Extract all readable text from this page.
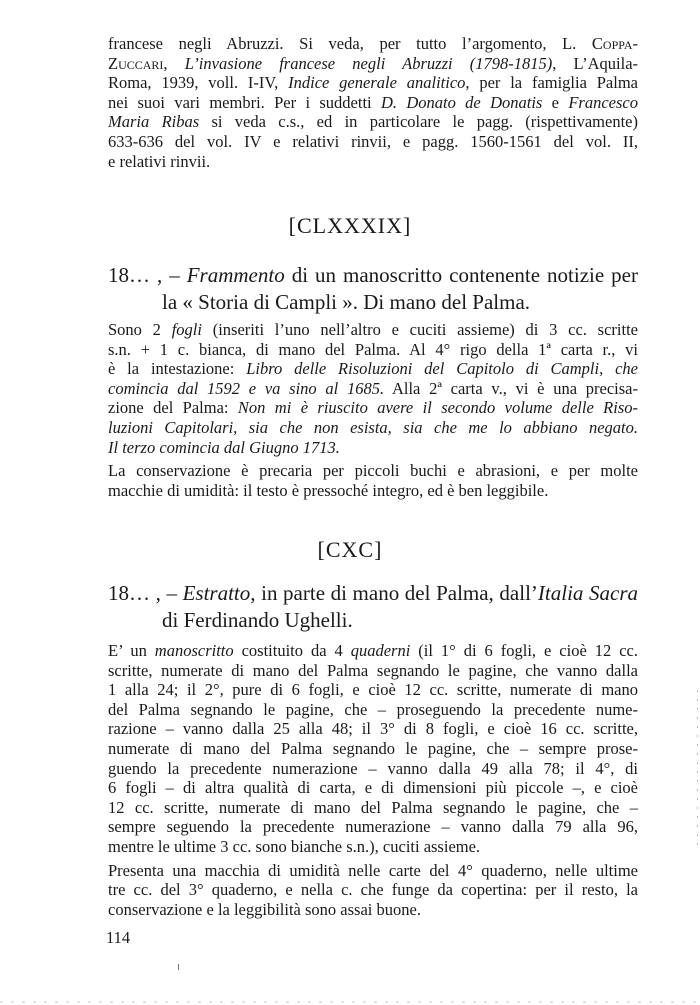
francese negli Abruzzi. Si veda, per tutto l’argomento, L. Coppa-

Zuccari, L’invasione francese negli Abruzzi (1798-1815), L’Aquila-

Roma, 1939, voll. I-IV, Indice generale analitico, per la famiglia Palma

nei suoi vari membri. Per i suddetti D. Donato de Donatis e Francesco

Maria Ribas si veda c.s., ed in particolare le pagg. (rispettivamente)

633-636 del vol. IV e relativi rinvii, e pagg. 1560-1561 del vol. II,

e relativi rinvii.

[CLXXXIX]
18… , – Frammento di un manoscritto contenente notizie per
la « Storia di Campli ». Di mano del Palma.
Sono 2 fogli (inseriti l’uno nell’altro e cuciti assieme) di 3 cc. scritte
s.n. + 1 c. bianca, di mano del Palma. Al 4° rigo della 1ª carta r., vi
è la intestazione: Libro delle Risoluzioni del Capitolo di Campli, che
comincia dal 1592 e va sino al 1685. Alla 2ª carta v., vi è una precisa-
zione del Palma: Non mi è riuscito avere il secondo volume delle Riso-
luzioni Capitolari, sia che non esista, sia che me lo abbiano negato.
Il terzo comincia dal Giugno 1713.
La conservazione è precaria per piccoli buchi e abrasioni, e per molte
macchie di umidità: il testo è pressoché integro, ed è ben leggibile.
[CXC]
18… , – Estratto, in parte di mano del Palma, dall’Italia Sacra
di Ferdinando Ughelli.
E’ un manoscritto costituito da 4 quaderni (il 1° di 6 fogli, e cioè 12 cc.
scritte, numerate di mano del Palma segnando le pagine, che vanno dalla
1 alla 24; il 2°, pure di 6 fogli, e cioè 12 cc. scritte, numerate di mano
del Palma segnando le pagine, che – proseguendo la precedente nume-
razione – vanno dalla 25 alla 48; il 3° di 8 fogli, e cioè 16 cc. scritte,
numerate di mano del Palma segnando le pagine, che – sempre prose-
guendo la precedente numerazione – vanno dalla 49 alla 78; il 4°, di
6 fogli – di altra qualità di carta, e di dimensioni più piccole –, e cioè
12 cc. scritte, numerate di mano del Palma segnando le pagine, che –
sempre seguendo la precedente numerazione – vanno dalla 79 alla 96,
mentre le ultime 3 cc. sono bianche s.n.), cuciti assieme.
Presenta una macchia di umidità nelle carte del 4° quaderno, nelle ultime
tre cc. del 3° quaderno, e nella c. che funge da copertina: per il resto, la
conservazione e la leggibilità sono assai buone.
114
